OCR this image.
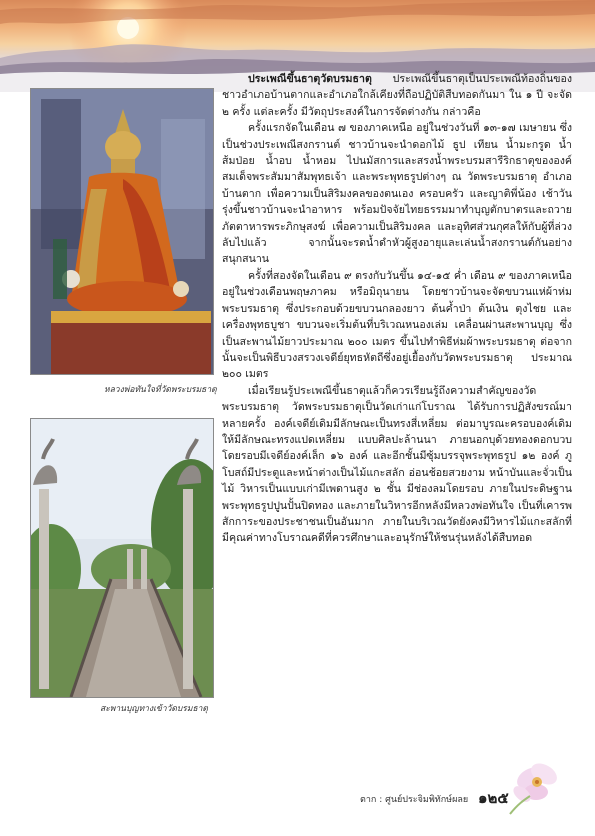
หลวงพ่อทันใจที่วัดพระบรมธาตุ
สะพานบุญทางเข้าวัดบรมธาตุ

ประเพณีขึ้นธาตุวัดบรมธาตุ ประเพณีขึ้นธาตุเป็นประเพณีท้องถิ่นของชาวอำเภอบ้านตากและอำเภอใกล้เคียงที่ถือปฏิบัติสืบทอดกันมา ใน ๑ ปี จะจัด ๒ ครั้ง แต่ละครั้ง มีวัตถุประสงค์ในการจัดต่างกัน กล่าวคือ

ครั้งแรกจัดในเดือน ๗ ของภาคเหนือ อยู่ในช่วงวันที่ ๑๓-๑๗ เมษายน ซึ่งเป็นช่วงประเพณีสงกรานต์ ชาวบ้านจะนำดอกไม้ ธูป เทียน น้ำมะกรูด น้ำส้มป่อย น้ำอบ น้ำหอม ไปนมัสการและสรงน้ำพระบรมสารีริกธาตุขององค์สมเด็จพระสัมมาสัมพุทธเจ้า และพระพุทธรูปต่างๆ ณ วัดพระบรมธาตุ อำเภอบ้านตาก เพื่อความเป็นสิริมงคลของตนเอง ครอบครัว และญาติพี่น้อง เช้าวันรุ่งขึ้นชาวบ้านจะนำอาหาร พร้อมปัจจัยไทยธรรมมาทำบุญตักบาตรและถวายภัตตาหารพระภิกษุสงฆ์ เพื่อความเป็นสิริมงคล และอุทิศส่วนกุศลให้กับผู้ที่ล่วงลับไปแล้ว จากนั้นจะรดน้ำดำหัวผู้สูงอายุและเล่นน้ำสงกรานต์กันอย่างสนุกสนาน

ครั้งที่สองจัดในเดือน ๙ ตรงกับวันขึ้น ๑๔-๑๕ ค่ำ เดือน ๙ ของภาคเหนือ อยู่ในช่วงเดือนพฤษภาคม หรือมิถุนายน โดยชาวบ้านจะจัดขบวนแห่ผ้าห่มพระบรมธาตุ ซึ่งประกอบด้วยขบวนกลองยาว ต้นค้ำป่า ต้นเงิน ตุงไชย และเครื่องพุทธบูชา ขบวนจะเริ่มต้นที่บริเวณหนองเล่ม เคลื่อนผ่านสะพานบุญ ซึ่งเป็นสะพานไม้ยาวประมาณ ๒๐๐ เมตร ขึ้นไปทำพิธีห่มผ้าพระบรมธาตุ ต่อจากนั้นจะเป็นพิธีบวงสรวงเจดีย์ยุทธหัตถีซึ่งอยู่เยื้องกับวัดพระบรมธาตุ ประมาณ ๒๐๐ เมตร

เมื่อเรียนรู้ประเพณีขึ้นธาตุแล้วก็ควรเรียนรู้ถึงความสำคัญของวัดพระบรมธาตุ วัดพระบรมธาตุเป็นวัดเก่าแก่โบราณ ได้รับการปฏิสังขรณ์มาหลายครั้ง องค์เจดีย์เดิมมีลักษณะเป็นทรงสี่เหลี่ยม ต่อมาบูรณะครอบองค์เดิมให้มีลักษณะทรงแปดเหลี่ยม แบบศิลปะล้านนา ภายนอกบุด้วยทองดอกบวบ โดยรอบมีเจดีย์องค์เล็ก ๑๖ องค์ และอีกชั้นมีซุ้มบรรจุพระพุทธรูป ๑๒ องค์ ภูโบสถ์มีประตูและหน้าต่างเป็นไม้แกะสลัก อ่อนช้อยสวยงาม หน้าบันและจั่วเป็นไม้ วิหารเป็นแบบเก่ามีเพดานสูง ๒ ชั้น มีช่องลมโดยรอบ ภายในประดิษฐานพระพุทธรูปปูนปั้นปิดทอง และภายในวิหารอีกหลังมีหลวงพ่อทันใจ เป็นที่เคารพสักการะของประชาชนเป็นอันมาก ภายในบริเวณวัดยังคงมีวิหารไม้แกะสลักที่มีคุณค่าทางโบราณคดีที่ควรศึกษาและอนุรักษ์ให้ชนรุ่นหลังได้สืบทอด

ตาก : ศูนย์ประจิมพิทักษ์ผลย ๑๒๕
